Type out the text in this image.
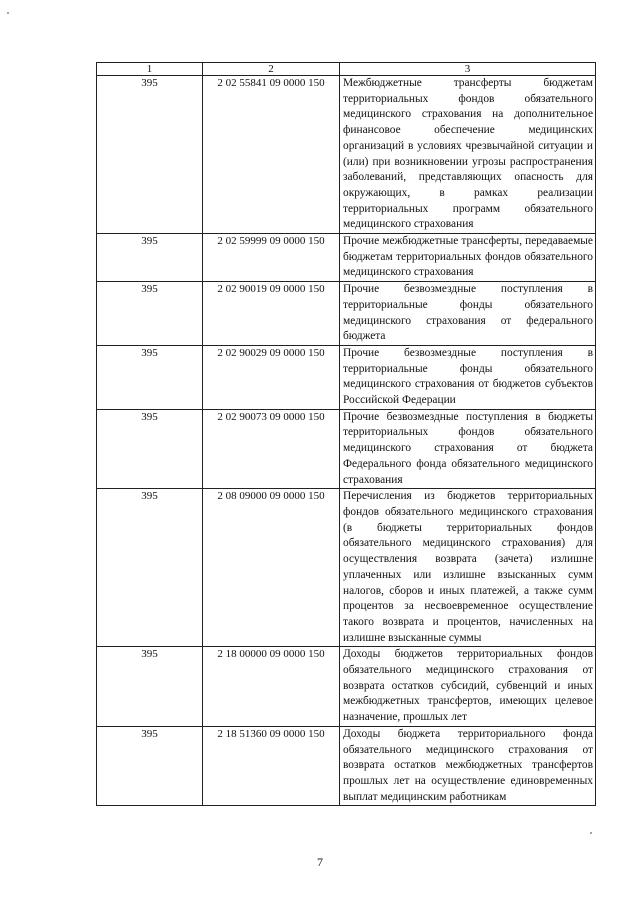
1	2	3
395	2 02 55841 09 0000 150	Межбюджетные трансферты бюджетам территориальных фондов обязательного медицинского страхования на дополнительное финансовое обеспечение медицинских организаций в условиях чрезвычайной ситуации и (или) при возникновении угрозы распространения заболеваний, представляющих опасность для окружающих, в рамках реализации территориальных программ обязательного медицинского страхования
395	2 02 59999 09 0000 150	Прочие межбюджетные трансферты, передаваемые бюджетам территориальных фондов обязательного медицинского страхования
395	2 02 90019 09 0000 150	Прочие безвозмездные поступления в территориальные фонды обязательного медицинского страхования от федерального бюджета
395	2 02 90029 09 0000 150	Прочие безвозмездные поступления в территориальные фонды обязательного медицинского страхования от бюджетов субъектов Российской Федерации
395	2 02 90073 09 0000 150	Прочие безвозмездные поступления в бюджеты территориальных фондов обязательного медицинского страхования от бюджета Федерального фонда обязательного медицинского страхования
395	2 08 09000 09 0000 150	Перечисления из бюджетов территориальных фондов обязательного медицинского страхования (в бюджеты территориальных фондов обязательного медицинского страхования) для осуществления возврата (зачета) излишне уплаченных или излишне взысканных сумм налогов, сборов и иных платежей, а также сумм процентов за несвоевременное осуществление такого возврата и процентов, начисленных на излишне взысканные суммы
395	2 18 00000 09 0000 150	Доходы бюджетов территориальных фондов обязательного медицинского страхования от возврата остатков субсидий, субвенций и иных межбюджетных трансфертов, имеющих целевое назначение, прошлых лет
395	2 18 51360 09 0000 150	Доходы бюджета территориального фонда обязательного медицинского страхования от возврата остатков межбюджетных трансфертов прошлых лет на осуществление единовременных выплат медицинским работникам
7
